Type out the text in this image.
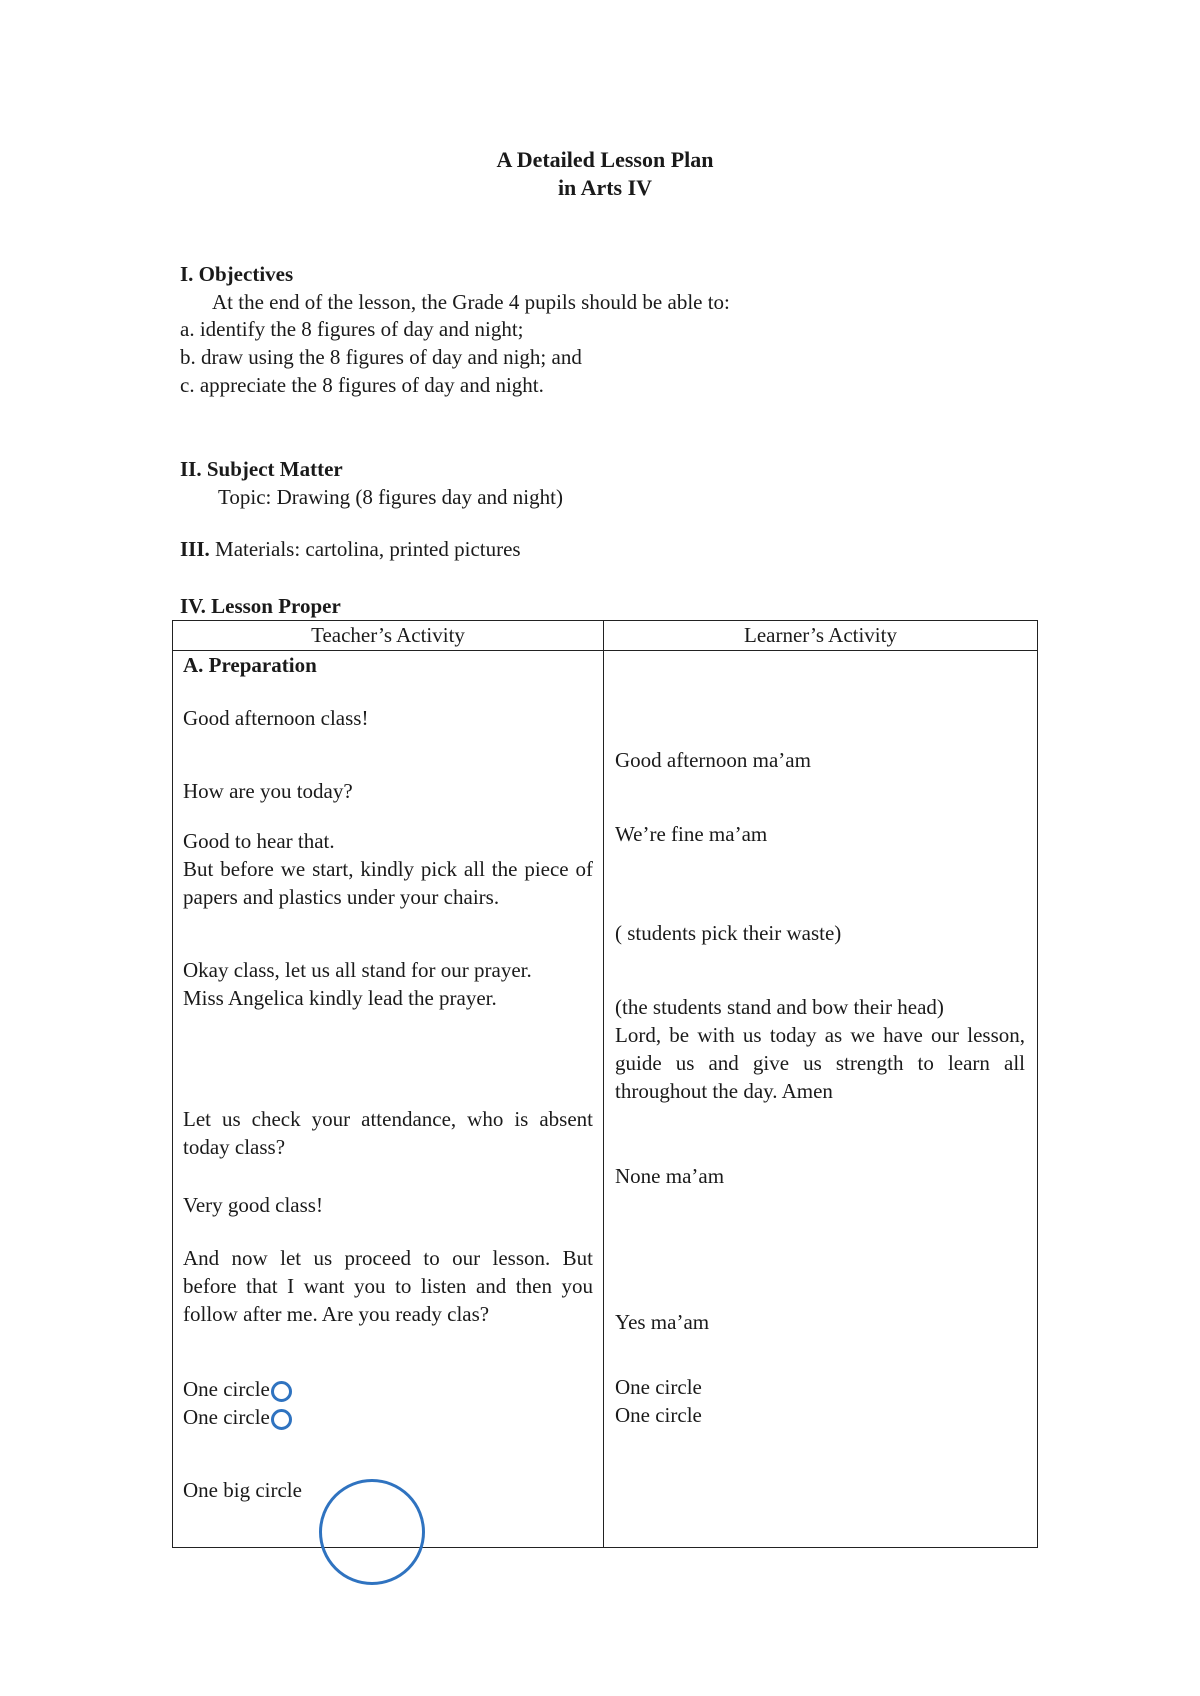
A Detailed Lesson Plan
in Arts IV
I. Objectives
At the end of the lesson, the Grade 4 pupils should be able to:
a. identify the 8 figures of day and night;
b. draw using the 8 figures of day and nigh; and
c. appreciate the 8 figures of day and night.
II. Subject Matter
Topic: Drawing (8 figures day and night)
III. Materials: cartolina, printed pictures
IV. Lesson Proper
Teacher’s Activity	Learner’s Activity
A. Preparation
Good afternoon class!
How are you today?
Good to hear that.
But before we start, kindly pick all the piece of papers and plastics under your chairs.
Okay class, let us all stand for our prayer.
Miss Angelica kindly lead the prayer.
Let us check your attendance, who is absent today class?
Very good class!
And now let us proceed to our lesson. But before that I want you to listen and then you follow after me. Are you ready clas?
One circle
One circle
One big circle
Good afternoon ma’am
We’re fine ma’am
( students pick their waste)
(the students stand and bow their head)
Lord, be with us today as we have our lesson, guide us and give us strength to learn all throughout the day. Amen
None ma’am
Yes ma’am
One circle
One circle
